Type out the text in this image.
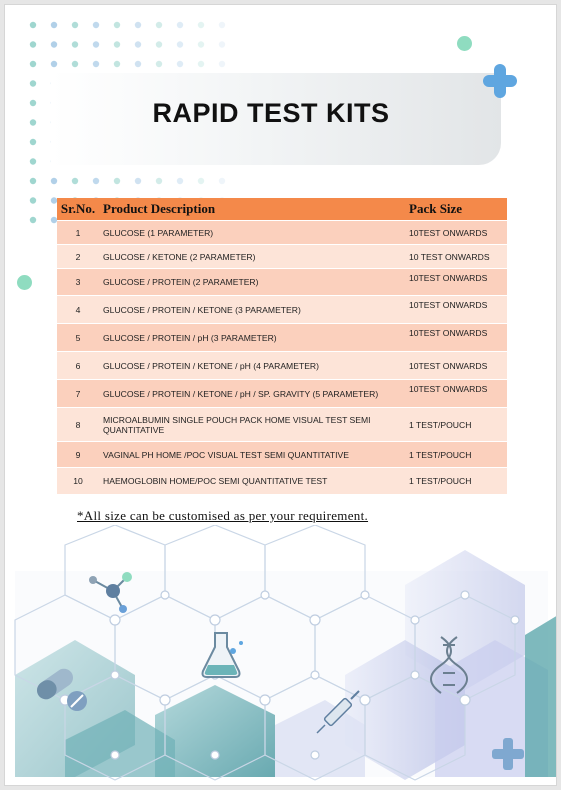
RAPID TEST KITS
Sr.No.	Product Description	Pack Size
1	GLUCOSE (1 PARAMETER)	10TEST ONWARDS
2	GLUCOSE / KETONE (2 PARAMETER)	10 TEST ONWARDS
3	GLUCOSE / PROTEIN (2 PARAMETER)	10TEST ONWARDS
4	GLUCOSE / PROTEIN / KETONE (3 PARAMETER)	10TEST ONWARDS
5	GLUCOSE / PROTEIN / pH (3 PARAMETER)	10TEST ONWARDS
6	GLUCOSE / PROTEIN / KETONE / pH (4 PARAMETER)	10TEST ONWARDS
7	GLUCOSE / PROTEIN / KETONE / pH / SP. GRAVITY (5 PARAMETER)	10TEST ONWARDS
8	MICROALBUMIN SINGLE POUCH PACK HOME VISUAL TEST SEMI QUANTITATIVE	1 TEST/POUCH
9	VAGINAL PH HOME /POC VISUAL TEST SEMI QUANTITATIVE	1 TEST/POUCH
10	HAEMOGLOBIN HOME/POC SEMI QUANTITATIVE TEST	1 TEST/POUCH
*All size can be customised as per your requirement.
